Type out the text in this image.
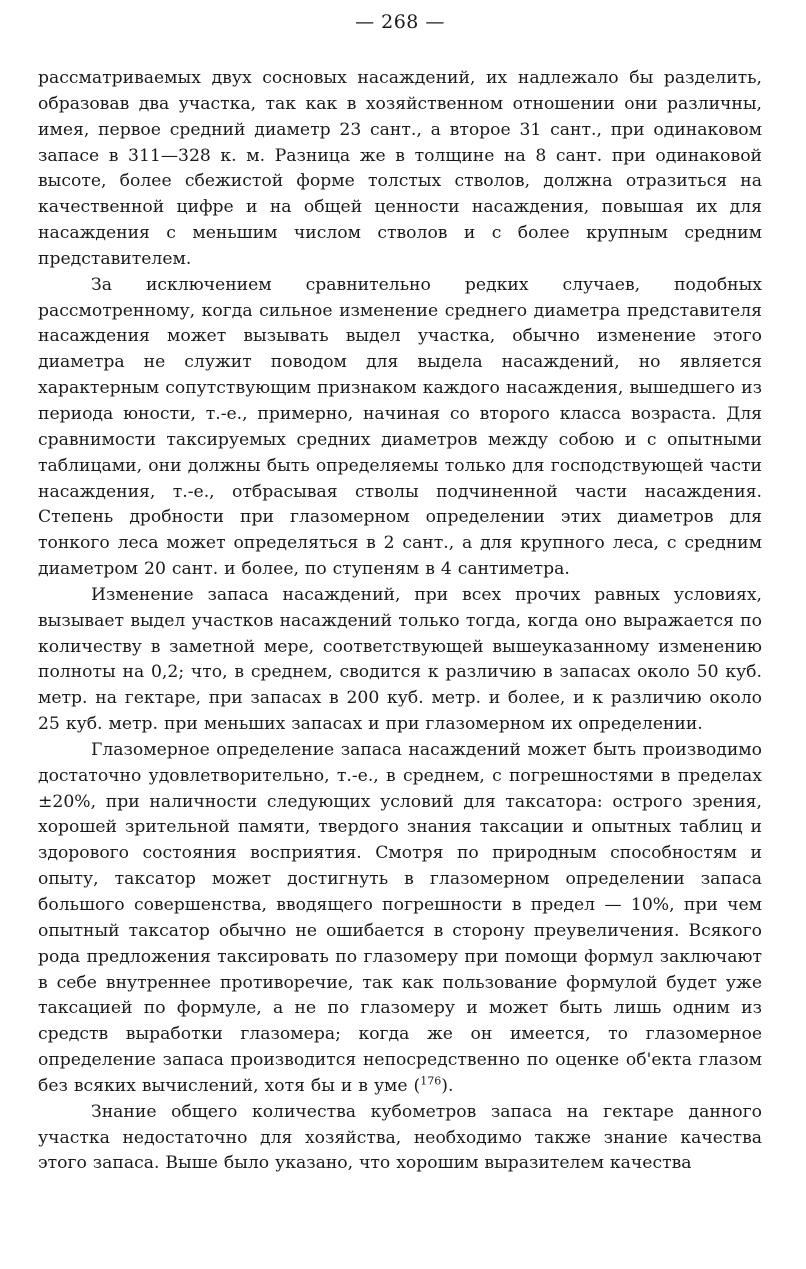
— 268 —

рассматриваемых двух сосновых насаждений, их надлежало бы разделить, образовав два участка, так как в хозяйственном отношении они различны, имея, первое средний диаметр 23 сант., а второе 31 сант., при одинаковом запасе в 311—328 к. м. Разница же в толщине на 8 сант. при одинаковой высоте, более сбежистой форме толстых стволов, должна отразиться на качественной цифре и на общей ценности насаждения, повышая их для насаждения с меньшим числом стволов и с более крупным средним представителем.

За исключением сравнительно редких случаев, подобных рассмотренному, когда сильное изменение среднего диаметра представителя насаждения может вызывать выдел участка, обычно изменение этого диаметра не служит поводом для выдела насаждений, но является характерным сопутствующим признаком каждого насаждения, вышедшего из периода юности, т.-е., примерно, начиная со второго класса возраста. Для сравнимости таксируемых средних диаметров между собою и с опытными таблицами, они должны быть определяемы только для господствующей части насаждения, т.-е., отбрасывая стволы подчиненной части насаждения. Степень дробности при глазомерном определении этих диаметров для тонкого леса может определяться в 2 сант., а для крупного леса, с средним диаметром 20 сант. и более, по ступеням в 4 сантиметра.

Изменение запаса насаждений, при всех прочих равных условиях, вызывает выдел участков насаждений только тогда, когда оно выражается по количеству в заметной мере, соответствующей вышеуказанному изменению полноты на 0,2; что, в среднем, сводится к различию в запасах около 50 куб. метр. на гектаре, при запасах в 200 куб. метр. и более, и к различию около 25 куб. метр. при меньших запасах и при глазомерном их определении.

Глазомерное определение запаса насаждений может быть производимо достаточно удовлетворительно, т.-е., в среднем, с погрешностями в пределах ±20%, при наличности следующих условий для таксатора: острого зрения, хорошей зрительной памяти, твердого знания таксации и опытных таблиц и здорового состояния восприятия. Смотря по природным способностям и опыту, таксатор может достигнуть в глазомерном определении запаса большого совершенства, вводящего погрешности в предел — 10%, при чем опытный таксатор обычно не ошибается в сторону преувеличения. Всякого рода предложения таксировать по глазомеру при помощи формул заключают в себе внутреннее противоречие, так как пользование формулой будет уже таксацией по формуле, а не по глазомеру и может быть лишь одним из средств выработки глазомера; когда же он имеется, то глазомерное определение запаса производится непосредственно по оценке об'екта глазом без всяких вычислений, хотя бы и в уме ($^{176}$).

Знание общего количества кубометров запаса на гектаре данного участка недостаточно для хозяйства, необходимо также знание качества этого запаса. Выше было указано, что хорошим выразителем качества
